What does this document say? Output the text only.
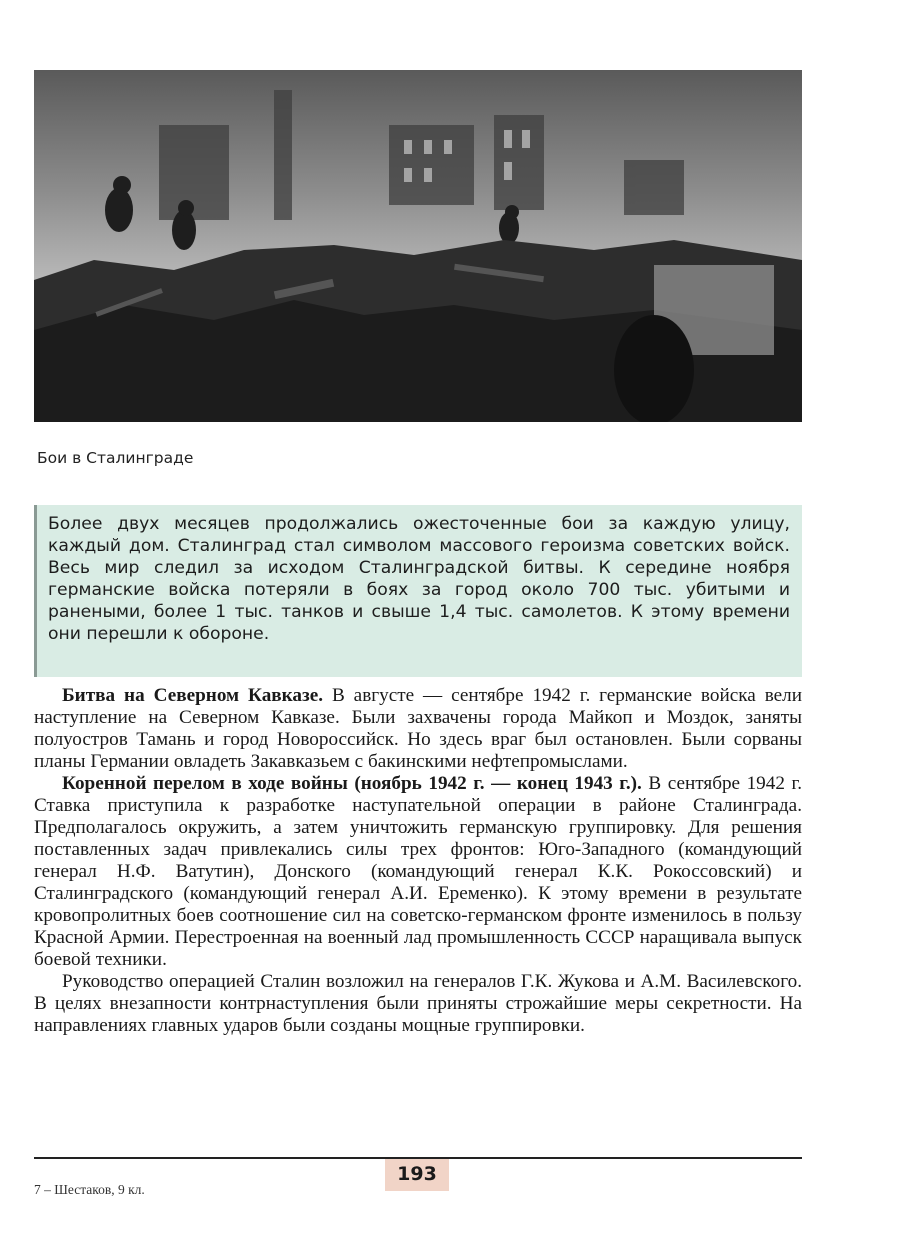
Бои в Сталинграде

Более двух месяцев продолжались ожесточенные бои за каждую улицу, каждый дом. Сталинград стал символом массового героизма советских войск. Весь мир следил за исходом Сталинградской битвы. К середине ноября германские войска потеряли в боях за город около 700 тыс. убитыми и ранеными, более 1 тыс. танков и свыше 1,4 тыс. самолетов. К этому времени они перешли к обороне.

Битва на Северном Кавказе. В августе — сентябре 1942 г. германские войска вели наступление на Северном Кавказе. Были захвачены города Майкоп и Моздок, заняты полуостров Тамань и город Новороссийск. Но здесь враг был остановлен. Были сорваны планы Германии овладеть Закавказьем с бакинскими нефтепромыслами.

Коренной перелом в ходе войны (ноябрь 1942 г. — конец 1943 г.). В сентябре 1942 г. Ставка приступила к разработке наступательной операции в районе Сталинграда. Предполагалось окружить, а затем уничтожить германскую группировку. Для решения поставленных задач привлекались силы трех фронтов: Юго-Западного (командующий генерал Н.Ф. Ватутин), Донского (командующий генерал К.К. Рокоссовский) и Сталинградского (командующий генерал А.И. Еременко). К этому времени в результате кровопролитных боев соотношение сил на советско-германском фронте изменилось в пользу Красной Армии. Перестроенная на военный лад промышленность СССР наращивала выпуск боевой техники.

Руководство операцией Сталин возложил на генералов Г.К. Жукова и А.М. Василевского. В целях внезапности контрнаступления были приняты строжайшие меры секретности. На направлениях главных ударов были созданы мощные группировки.

193
7 – Шестаков, 9 кл.
